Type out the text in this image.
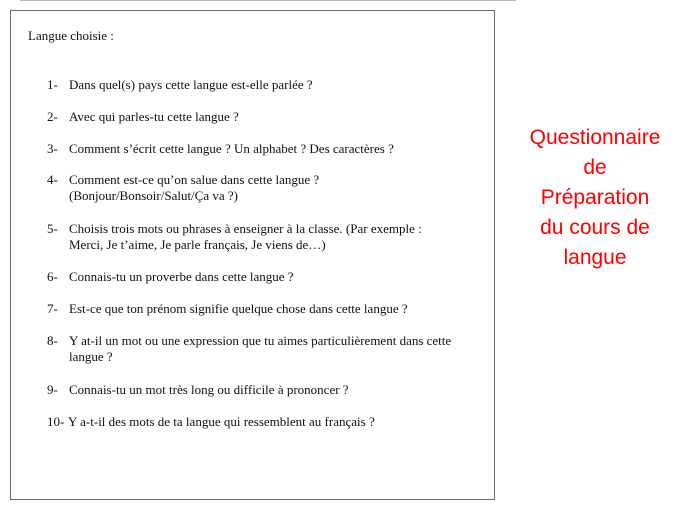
Langue choisie :
1- Dans quel(s) pays cette langue est-elle parlée ?
2- Avec qui parles-tu cette langue ?
3- Comment s’écrit cette langue ? Un alphabet ? Des caractères ?
4- Comment est-ce qu’on salue dans cette langue ?
(Bonjour/Bonsoir/Salut/Ça va ?)
5- Choisis trois mots ou phrases à enseigner à la classe. (Par exemple :
Merci, Je t’aime, Je parle français, Je viens de…)
6- Connais-tu un proverbe dans cette langue ?
7- Est-ce que ton prénom signifie quelque chose dans cette langue ?
8- Y at-il un mot ou une expression que tu aimes particulièrement dans cette
langue ?
9- Connais-tu un mot très long ou difficile à prononcer ?
10- Y a-t-il des mots de ta langue qui ressemblent au français ?
Questionnaire
de
Préparation
du cours de
langue
